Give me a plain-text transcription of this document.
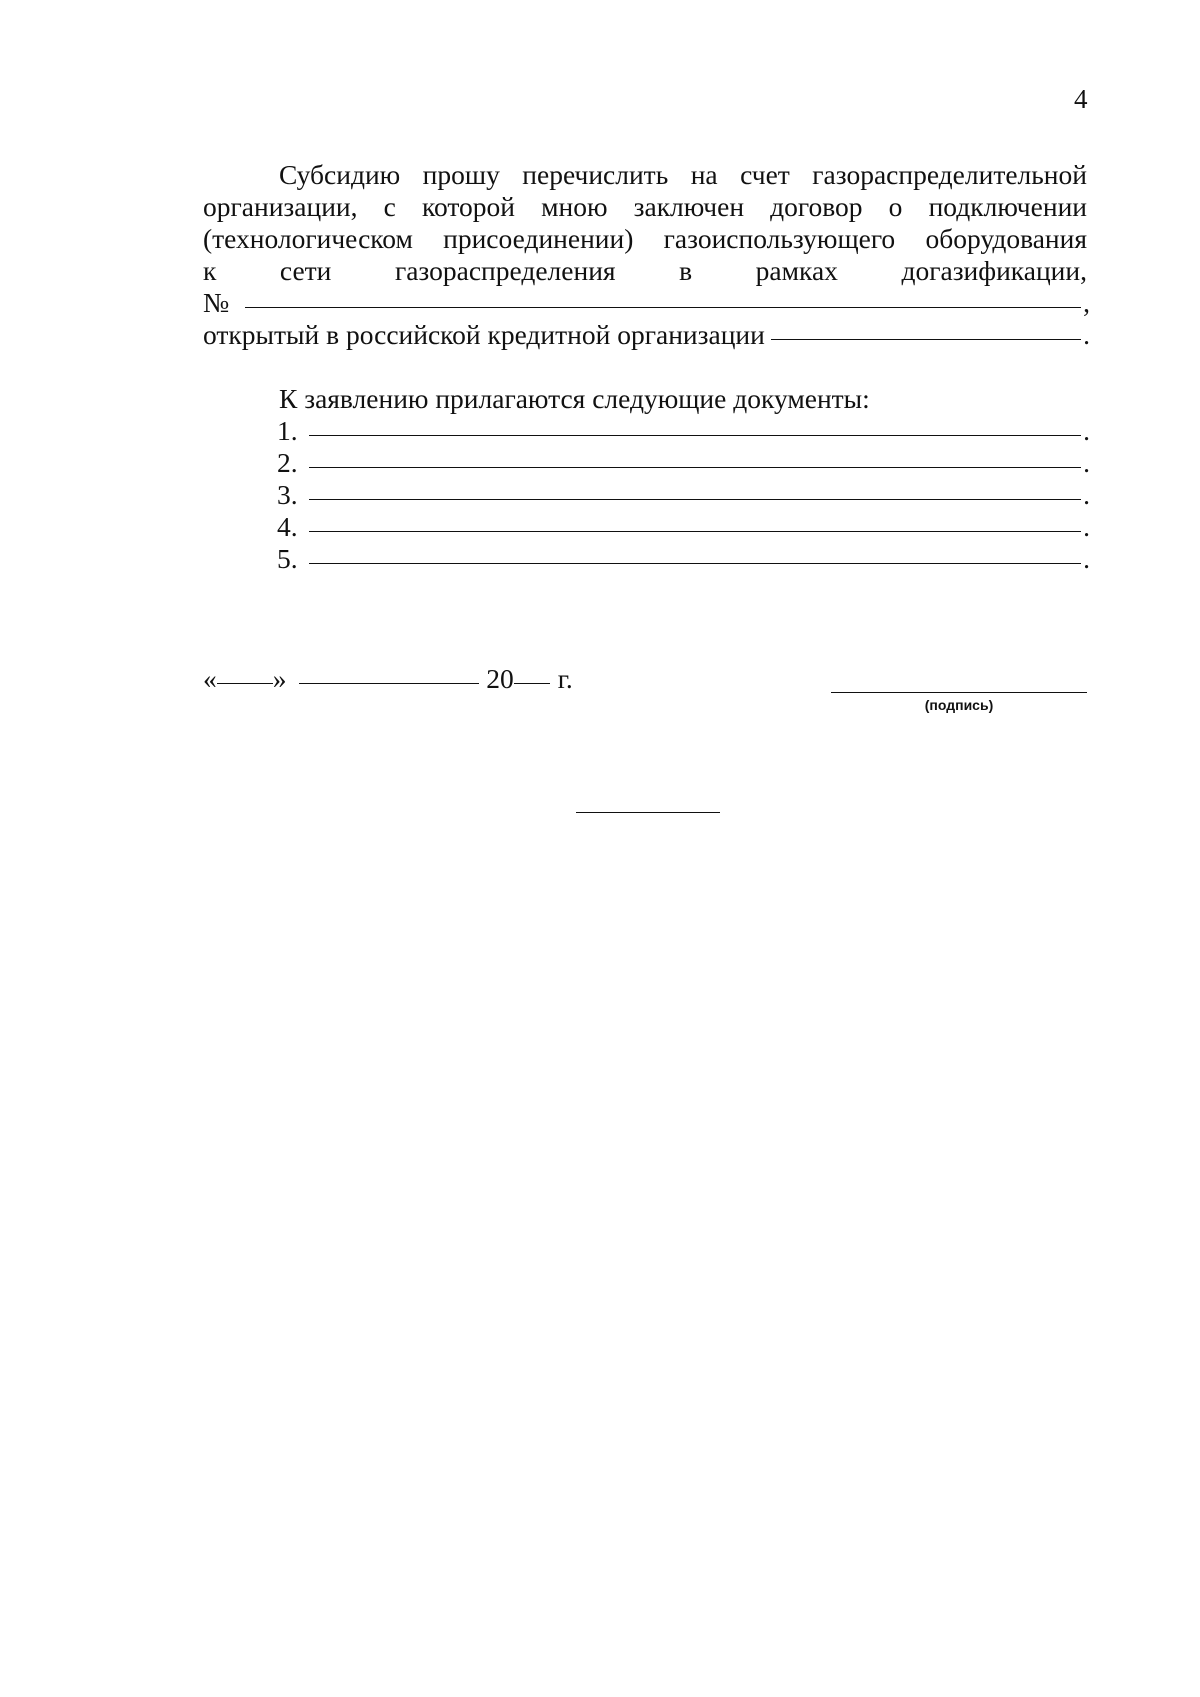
4
Субсидию прошу перечислить на счет газораспределительной
организации, с которой мною заключен договор о подключении
(технологическом присоединении) газоиспользующего оборудования
к сети газораспределения в рамках догазификации,
№	,
открытый в российской кредитной организации	.
К заявлению прилагаются следующие документы:
1.	.
2.	.
3.	.
4.	.
5.	.
« »	20 г.
(подпись)
